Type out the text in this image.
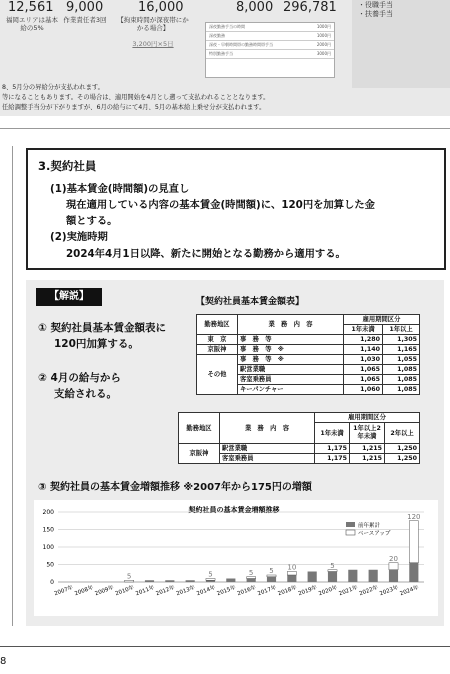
12,561 9,000	16,000	8,000 296,781
福岡エリアは基本給の5%
作業責任者3回 【拘束時間が深夜帯にかかる場合】
3,200円×5日
深夜勤務手当の時間	1000円
深夜勤務	1000円
深夜・早朝時間帯の勤務時間帯手当	2000円
特別勤務手当	3000円
・役職手当
・扶養手当
8、5月分の昇給分が支払われます。
等になることもあります。その場合は、適用開始を4月とし遡って支払われることとなります。
任給調整手当分が下がりますが、6月の給与にて4月、5月の基本給上乗せ分が支払われます。
3.契約社員
(1)基本賃金(時間額)の見直し
現在適用している内容の基本賃金(時間額)に、120円を加算した金
額とする。
(2)実施時期
2024年4月1日以降、新たに開始となる勤務から適用する。
【解説】
① 契約社員基本賃金額表に
120円加算する。
② 4月の給与から
支給される。
【契約社員基本賃金額表】
勤務地区	業　務　内　容	雇用期間区分	
		1年未満	1年以上
東　京	事　務　等	1,280	1,305
京阪神	事　務　等　※	1,140	1,165
その他	事　務　等　※	1,030	1,055
	駅営業職	1,065	1,085
	客室乗務員	1,065	1,085
	キーパンチャー	1,060	1,085
勤務地区	業　務　内　容	雇用期間区分		
		1年未満	1年以上2年未満	2年以上
京阪神	駅営業職	1,175	1,215	1,250
	客室乗務員	1,175	1,215	1,250
③ 契約社員の基本賃金増額推移 ※2007年から175円の増額
契約社員の基本賃金増額推移
0
50
100
150
200
2007年 2008年 2009年
5
2010年 2011年 2012年 2013年
5
2014年 2015年
5
2016年
5
2017年
10
2018年 2019年
5
2020年 2021年 2022年
20
2023年
120
2024年
前年累計
ベースアップ
8
